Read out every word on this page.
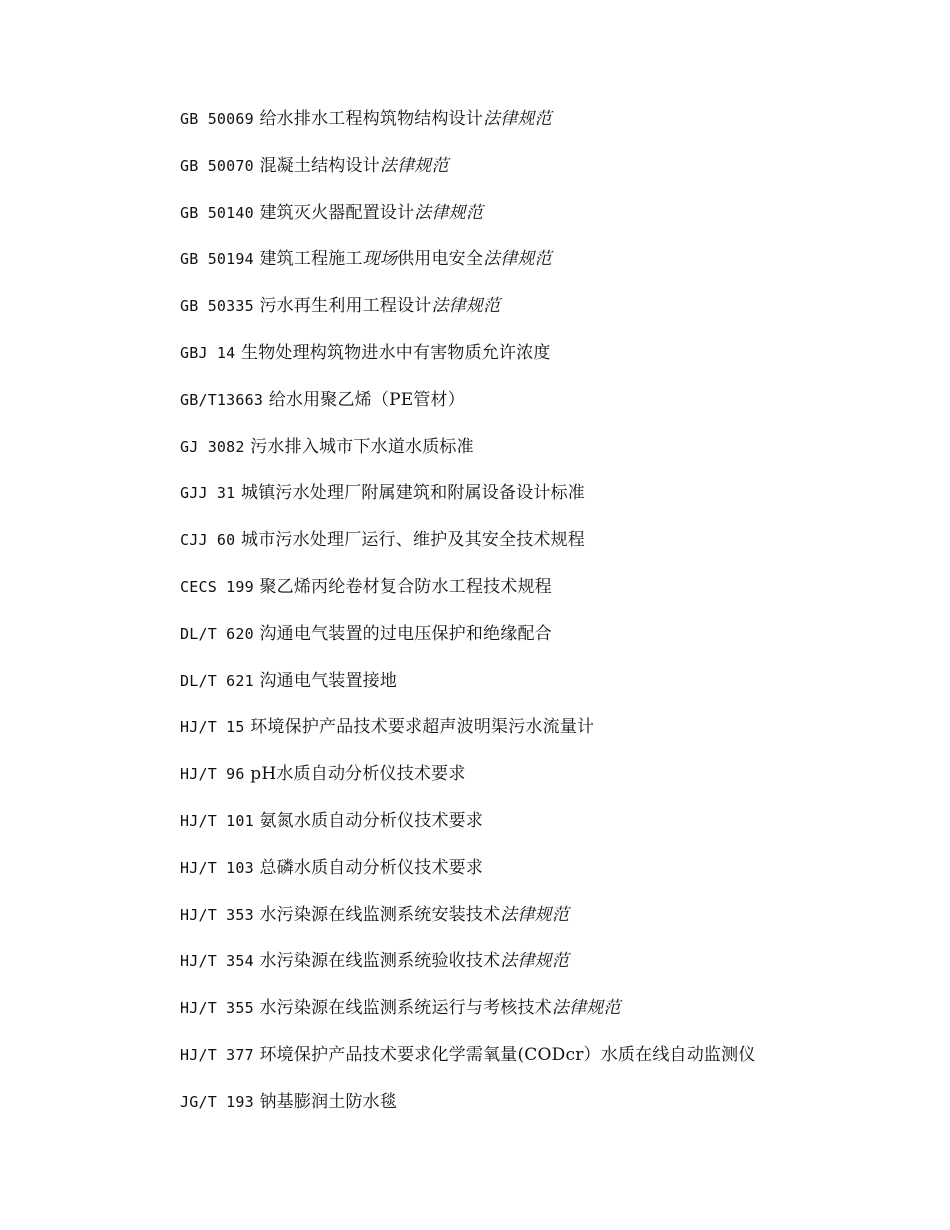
GB 50069 给水排水工程构筑物结构设计法律规范
GB 50070 混凝土结构设计法律规范
GB 50140 建筑灭火器配置设计法律规范
GB 50194 建筑工程施工现场供用电安全法律规范
GB 50335 污水再生利用工程设计法律规范
GBJ 14 生物处理构筑物进水中有害物质允许浓度
GB/T13663 给水用聚乙烯（PE管材）
GJ 3082 污水排入城市下水道水质标准
GJJ 31 城镇污水处理厂附属建筑和附属设备设计标准
CJJ 60 城市污水处理厂运行、维护及其安全技术规程
CECS 199 聚乙烯丙纶卷材复合防水工程技术规程
DL/T 620 沟通电气装置的过电压保护和绝缘配合
DL/T 621 沟通电气装置接地
HJ/T 15 环境保护产品技术要求超声波明渠污水流量计
HJ/T 96 pH水质自动分析仪技术要求
HJ/T 101 氨氮水质自动分析仪技术要求
HJ/T 103 总磷水质自动分析仪技术要求
HJ/T 353 水污染源在线监测系统安装技术法律规范
HJ/T 354 水污染源在线监测系统验收技术法律规范
HJ/T 355 水污染源在线监测系统运行与考核技术法律规范
HJ/T 377 环境保护产品技术要求化学需氧量(CODcr）水质在线自动监测仪
JG/T 193 钠基膨润土防水毯
